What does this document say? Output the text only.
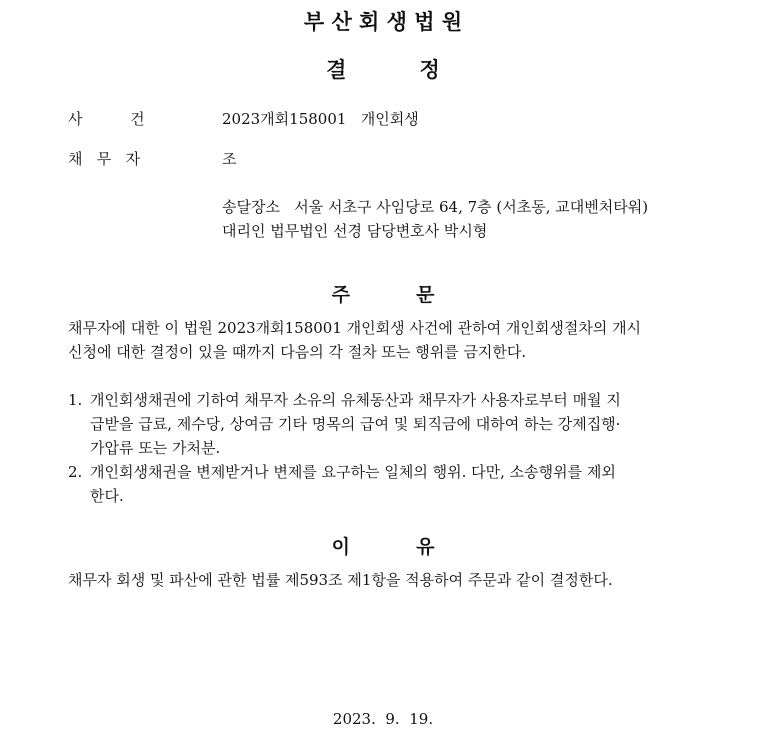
부 산 회 생 법 원
결          정
사          건	2023개회158001   개인회생
채   무   자	조
송달장소   서울 서초구 사임당로 64, 7층 (서초동, 교대벤처타워)
대리인 법무법인 선경 담당변호사 박시형
주          문
채무자에 대한 이 법원 2023개회158001 개인회생 사건에 관하여 개인회생절차의 개시
신청에 대한 결정이 있을 때까지 다음의 각 절차 또는 행위를 금지한다.
1. 개인회생채권에 기하여 채무자 소유의 유체동산과 채무자가 사용자로부터 매월 지
급받을 급료, 제수당, 상여금 기타 명목의 급여 및 퇴직금에 대하여 하는 강제집행·
가압류 또는 가처분.
2. 개인회생채권을 변제받거나 변제를 요구하는 일체의 행위. 다만, 소송행위를 제외
한다.
이          유
채무자 회생 및 파산에 관한 법률 제593조 제1항을 적용하여 주문과 같이 결정한다.
2023.  9.  19.
